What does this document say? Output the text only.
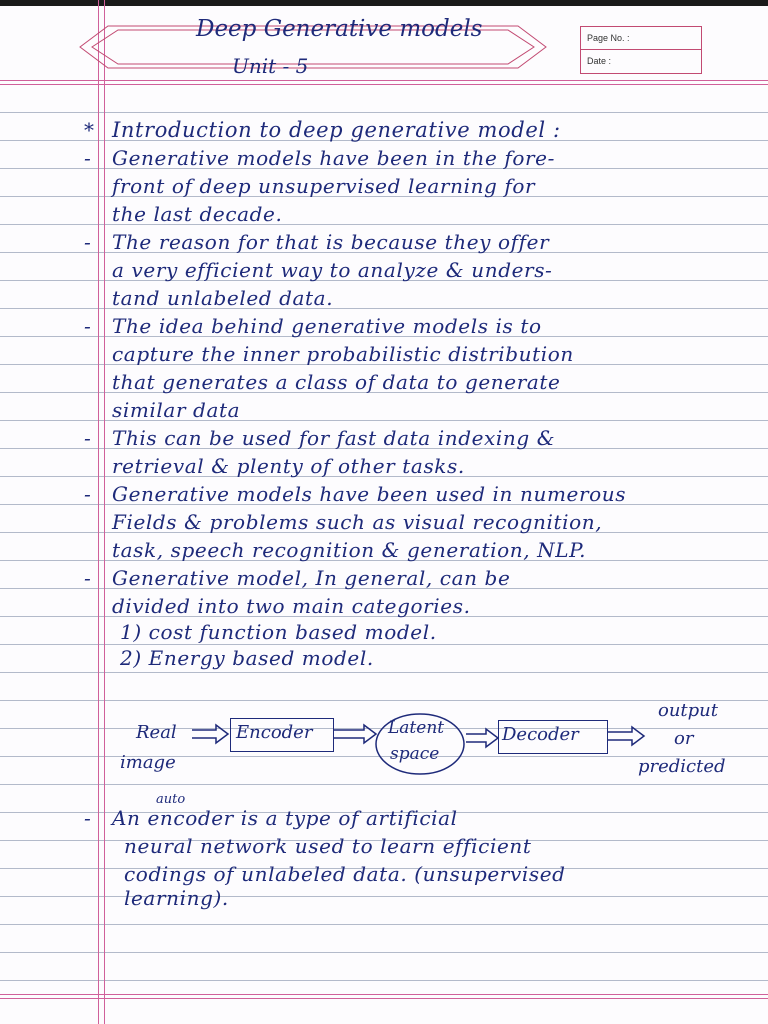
Page No. :
Date :
Deep Generative models
Unit - 5
* Introduction to deep generative model :
- Generative models have been in the fore-
front of deep unsupervised learning for
the last decade.
- The reason for that is because they offer
a very efficient way to analyze & unders-
tand unlabeled data.
- The idea behind generative models is to
capture the inner probabilistic distribution
that generates a class of data to generate
similar data
- This can be used for fast data indexing &
retrieval & plenty of other tasks.
- Generative models have been used in numerous
Fields & problems such as visual recognition,
task, speech recognition & generation, NLP.
- Generative model, In general, can be
divided into two main categories.
1) cost function based model.
2) Energy based model.
Real
image
Encoder	Latent
space
Decoder
output
or
predicted
-
auto
An encoder is a type of artificial
neural network used to learn efficient
codings of unlabeled data. (unsupervised
learning).
